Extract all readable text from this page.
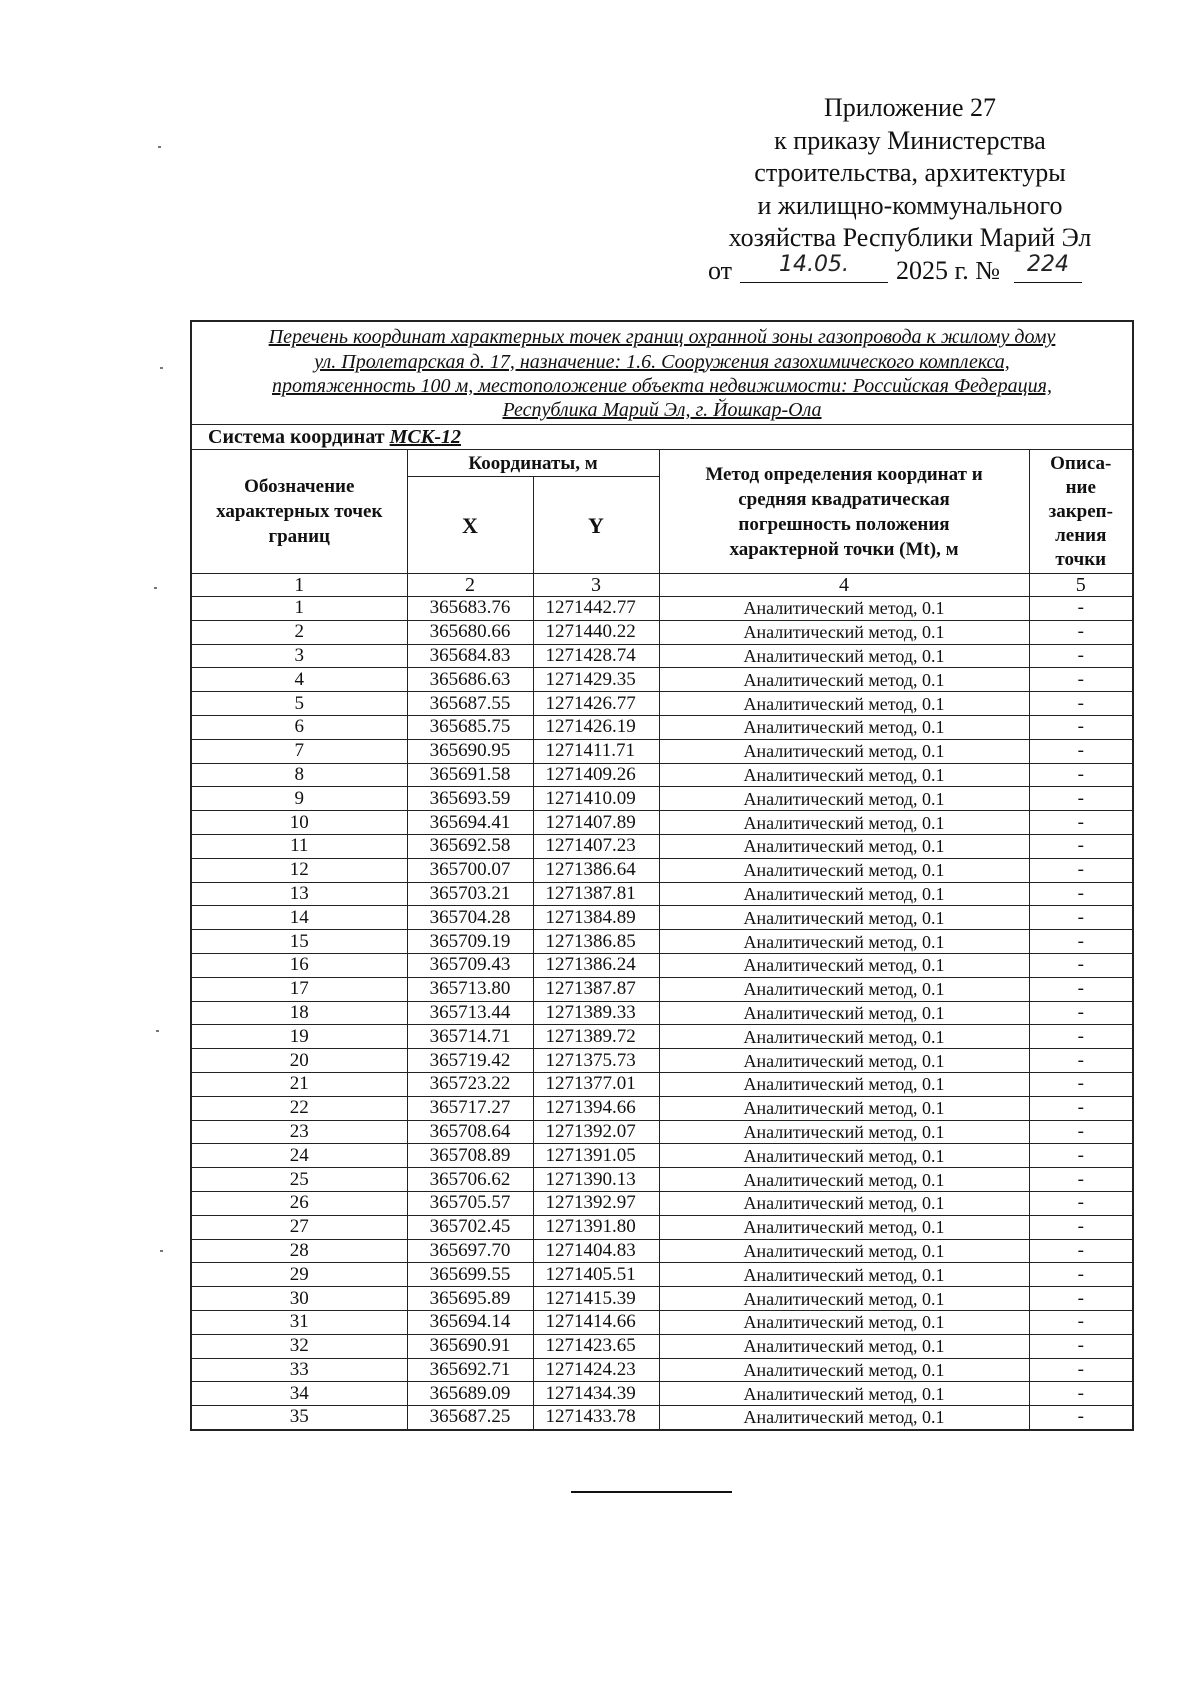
Приложение 27
к приказу Министерства
строительства, архитектуры
и жилищно-коммунального
хозяйства Республики Марий Эл
от	14.05.	2025 г. №	224
Перечень координат характерных точек границ охранной зоны газопровода к жилому дому
ул. Пролетарская д. 17, назначение: 1.6. Сооружения газохимического комплекса,
протяженность 100 м, местоположение объекта недвижимости: Российская Федерация,
Республика Марий Эл, г. Йошкар-Ола				
Система координат МСК-12				
Обозначение
характерных точек
границ	Координаты, м		Метод определения координат и
средняя квадратическая
погрешность положения
характерной точки (Mt), м	Описа-
ние
закреп-
ления
точки
	X	Y		
1	2	3	4	5
1	365683.76	1271442.77	Аналитический метод, 0.1	-
2	365680.66	1271440.22	Аналитический метод, 0.1	-
3	365684.83	1271428.74	Аналитический метод, 0.1	-
4	365686.63	1271429.35	Аналитический метод, 0.1	-
5	365687.55	1271426.77	Аналитический метод, 0.1	-
6	365685.75	1271426.19	Аналитический метод, 0.1	-
7	365690.95	1271411.71	Аналитический метод, 0.1	-
8	365691.58	1271409.26	Аналитический метод, 0.1	-
9	365693.59	1271410.09	Аналитический метод, 0.1	-
10	365694.41	1271407.89	Аналитический метод, 0.1	-
11	365692.58	1271407.23	Аналитический метод, 0.1	-
12	365700.07	1271386.64	Аналитический метод, 0.1	-
13	365703.21	1271387.81	Аналитический метод, 0.1	-
14	365704.28	1271384.89	Аналитический метод, 0.1	-
15	365709.19	1271386.85	Аналитический метод, 0.1	-
16	365709.43	1271386.24	Аналитический метод, 0.1	-
17	365713.80	1271387.87	Аналитический метод, 0.1	-
18	365713.44	1271389.33	Аналитический метод, 0.1	-
19	365714.71	1271389.72	Аналитический метод, 0.1	-
20	365719.42	1271375.73	Аналитический метод, 0.1	-
21	365723.22	1271377.01	Аналитический метод, 0.1	-
22	365717.27	1271394.66	Аналитический метод, 0.1	-
23	365708.64	1271392.07	Аналитический метод, 0.1	-
24	365708.89	1271391.05	Аналитический метод, 0.1	-
25	365706.62	1271390.13	Аналитический метод, 0.1	-
26	365705.57	1271392.97	Аналитический метод, 0.1	-
27	365702.45	1271391.80	Аналитический метод, 0.1	-
28	365697.70	1271404.83	Аналитический метод, 0.1	-
29	365699.55	1271405.51	Аналитический метод, 0.1	-
30	365695.89	1271415.39	Аналитический метод, 0.1	-
31	365694.14	1271414.66	Аналитический метод, 0.1	-
32	365690.91	1271423.65	Аналитический метод, 0.1	-
33	365692.71	1271424.23	Аналитический метод, 0.1	-
34	365689.09	1271434.39	Аналитический метод, 0.1	-
35	365687.25	1271433.78	Аналитический метод, 0.1	-
